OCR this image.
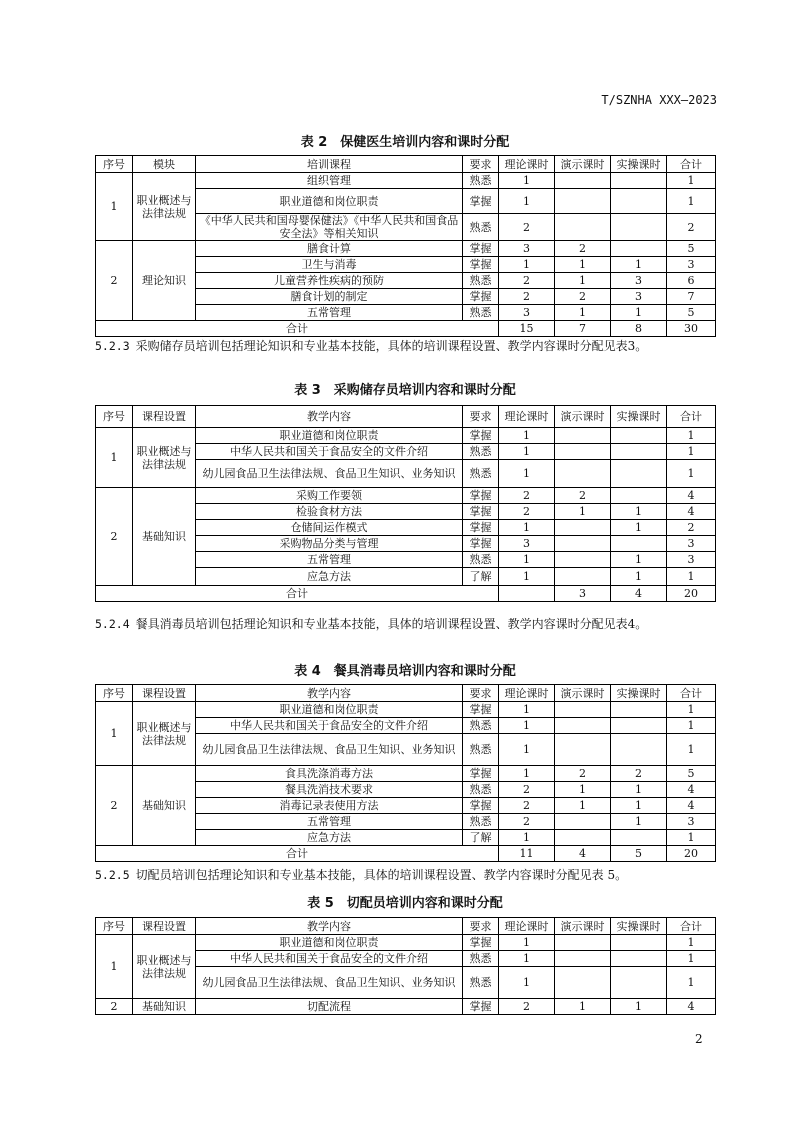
T/SZNHA XXX—2023
表 2　保健医生培训内容和课时分配
序号	模块	培训课程	要求	理论课时	演示课时	实操课时	合计
1	职业概述与法律法规	组织管理	熟悉	1			1
		职业道德和岗位职责	掌握	1			1
		《中华人民共和国母婴保健法》《中华人民共和国食品安全法》等相关知识	熟悉	2			2
2	理论知识	膳食计算	掌握	3	2		5
		卫生与消毒	掌握	1	1	1	3
		儿童营养性疾病的预防	熟悉	2	1	3	6
		膳食计划的制定	掌握	2	2	3	7
		五常管理	熟悉	3	1	1	5
合计				15	7	8	30
5.2.3 采购储存员培训包括理论知识和专业基本技能，具体的培训课程设置、教学内容课时分配见表3。
表 3　采购储存员培训内容和课时分配
序号	课程设置	教学内容	要求	理论课时	演示课时	实操课时	合计
1	职业概述与法律法规	职业道德和岗位职责	掌握	1			1
		中华人民共和国关于食品安全的文件介绍	熟悉	1			1
		幼儿园食品卫生法律法规、食品卫生知识、业务知识	熟悉	1			1
2	基础知识	采购工作要领	掌握	2	2		4
		检验食材方法	掌握	2	1	1	4
		仓储间运作模式	掌握	1		1	2
		采购物品分类与管理	掌握	3			3
		五常管理	熟悉	1		1	3
		应急方法	了解	1		1	1
合计					3	4	20
5.2.4 餐具消毒员培训包括理论知识和专业基本技能，具体的培训课程设置、教学内容课时分配见表4。
表 4　餐具消毒员培训内容和课时分配
序号	课程设置	教学内容	要求	理论课时	演示课时	实操课时	合计
1	职业概述与法律法规	职业道德和岗位职责	掌握	1			1
		中华人民共和国关于食品安全的文件介绍	熟悉	1			1
		幼儿园食品卫生法律法规、食品卫生知识、业务知识	熟悉	1			1
2	基础知识	食具洗涤消毒方法	掌握	1	2	2	5
		餐具洗消技术要求	熟悉	2	1	1	4
		消毒记录表使用方法	掌握	2	1	1	4
		五常管理	熟悉	2		1	3
		应急方法	了解	1			1
合计				11	4	5	20
5.2.5 切配员培训包括理论知识和专业基本技能，具体的培训课程设置、教学内容课时分配见表 5。
表 5　切配员培训内容和课时分配
序号	课程设置	教学内容	要求	理论课时	演示课时	实操课时	合计
1	职业概述与法律法规	职业道德和岗位职责	掌握	1			1
		中华人民共和国关于食品安全的文件介绍	熟悉	1			1
		幼儿园食品卫生法律法规、食品卫生知识、业务知识	熟悉	1			1
2	基础知识	切配流程	掌握	2	1	1	4
2
